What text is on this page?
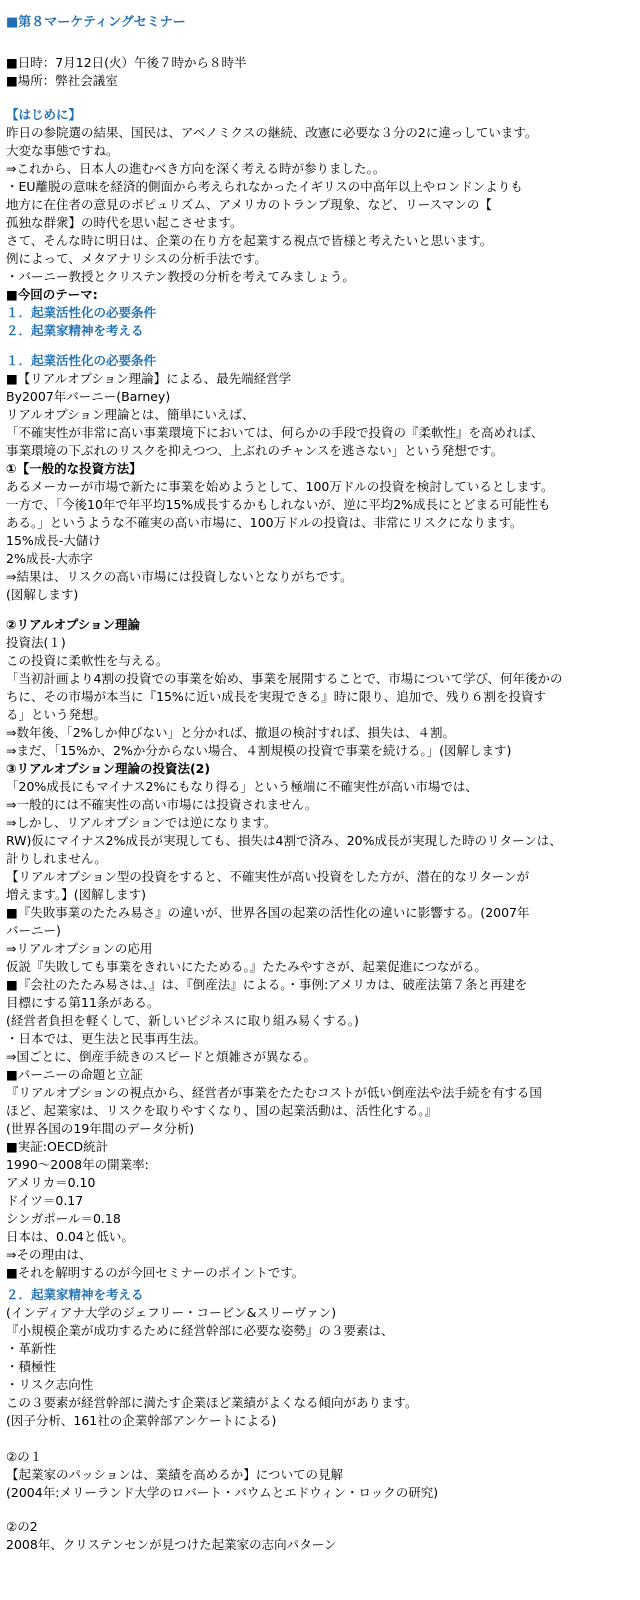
■第８マーケティングセミナー
■日時：7月12日(火）午後７時から８時半
■場所：弊社会議室
【はじめに】
昨日の参院選の結果、国民は、アベノミクスの継続、改憲に必要な３分の2に違っしています。
大変な事態ですね。
⇒これから、日本人の進むべき方向を深く考える時が参りました。。
・EU離脱の意味を経済的側面から考えられなかったイギリスの中高年以上やロンドンよりも
地方に在住者の意見のポピュリズム、アメリカのトランプ現象、など、リースマンの【
孤独な群衆】の時代を思い起こさせます。
さて、そんな時に明日は、企業の在り方を起業する視点で皆様と考えたいと思います。
例によって、メタアナリシスの分析手法です。
・バーニー教授とクリステン教授の分析を考えてみましょう。
■今回のテーマ:
１．起業活性化の必要条件
２．起業家精神を考える
１．起業活性化の必要条件
■【リアルオプション理論】による、最先端経営学
By2007年バーニー(Barney)
リアルオプション理論とは、簡単にいえば、
「不確実性が非常に高い事業環境下においては、何らかの手段で投資の『柔軟性』を高めれば、
事業環境の下ぶれのリスクを抑えつつ、上ぶれのチャンスを逃さない」という発想です。
①【一般的な投資方法】
あるメーカーが市場で新たに事業を始めようとして、100万ドルの投資を検討しているとします。
一方で、「今後10年で年平均15%成長するかもしれないが、逆に平均2%成長にとどまる可能性も
ある。」というような不確実の高い市場に、100万ドルの投資は、非常にリスクになります。
15%成長-大儲け
2%成長-大赤字
⇒結果は、リスクの高い市場には投資しないとなりがちです。
(図解します)
②リアルオプション理論
投資法(１)
この投資に柔軟性を与える。
「当初計画より4割の投資での事業を始め、事業を展開することで、市場について学び、何年後かの
ちに、その市場が本当に『15%に近い成長を実現できる』時に限り、追加で、残り６割を投資す
る」という発想。
⇒数年後、「2%しか伸びない」と分かれば、撤退の検討すれば、損失は、４割。
⇒まだ、「15%か、2%か分からない場合、４割規模の投資で事業を続ける。」(図解します)
③リアルオプション理論の投資法(2)
「20%成長にもマイナス2%にもなり得る」という極端に不確実性が高い市場では、
⇒一般的には不確実性の高い市場には投資されません。
⇒しかし、リアルオプションでは逆になります。
RW)仮にマイナス2%成長が実現しても、損失は4割で済み、20%成長が実現した時のリターンは、
計りしれません。
【リアルオプション型の投資をすると、不確実性が高い投資をした方が、潜在的なリターンが
増えます。】(図解します)
■『失敗事業のたたみ易さ』の違いが、世界各国の起業の活性化の違いに影響する。(2007年
バーニー)
⇒リアルオプションの応用
仮説『失敗しても事業をきれいにたためる。』たたみやすさが、起業促進につながる。
■『会社のたたみ易さは、』は、『倒産法』による。・事例:アメリカは、破産法第７条と再建を
目標にする第11条がある。
(経営者負担を軽くして、新しいビジネスに取り組み易くする。)
・日本では、更生法と民事再生法。
⇒国ごとに、倒産手続きのスピードと煩雑さが異なる。
■バーニーの命題と立証
『リアルオプションの視点から、経営者が事業をたたむコストが低い倒産法や法手続を有する国
ほど、起業家は、リスクを取りやすくなり、国の起業活動は、活性化する。』
(世界各国の19年間のデータ分析)
■実証:OECD統計
1990～2008年の開業率:
アメリカ＝0.10
ドイツ＝0.17
シンガポール＝0.18
日本は、0.04と低い。
⇒その理由は、
■それを解明するのが今回セミナーのポイントです。
２．起業家精神を考える
(インディアナ大学のジェフリー・コービン&スリーヴァン)
『小規模企業が成功するために経営幹部に必要な姿勢』の３要素は、
・革新性
・積極性
・リスク志向性
この３要素が経営幹部に満たす企業ほど業績がよくなる傾向があります。
(因子分析、161社の企業幹部アンケートによる)
②の１
【起業家のパッションは、業績を高めるか】についての見解
(2004年:メリーランド大学のロバート・バウムとエドウィン・ロックの研究)
②の2
2008年、クリステンセンが見つけた起業家の志向パターン
